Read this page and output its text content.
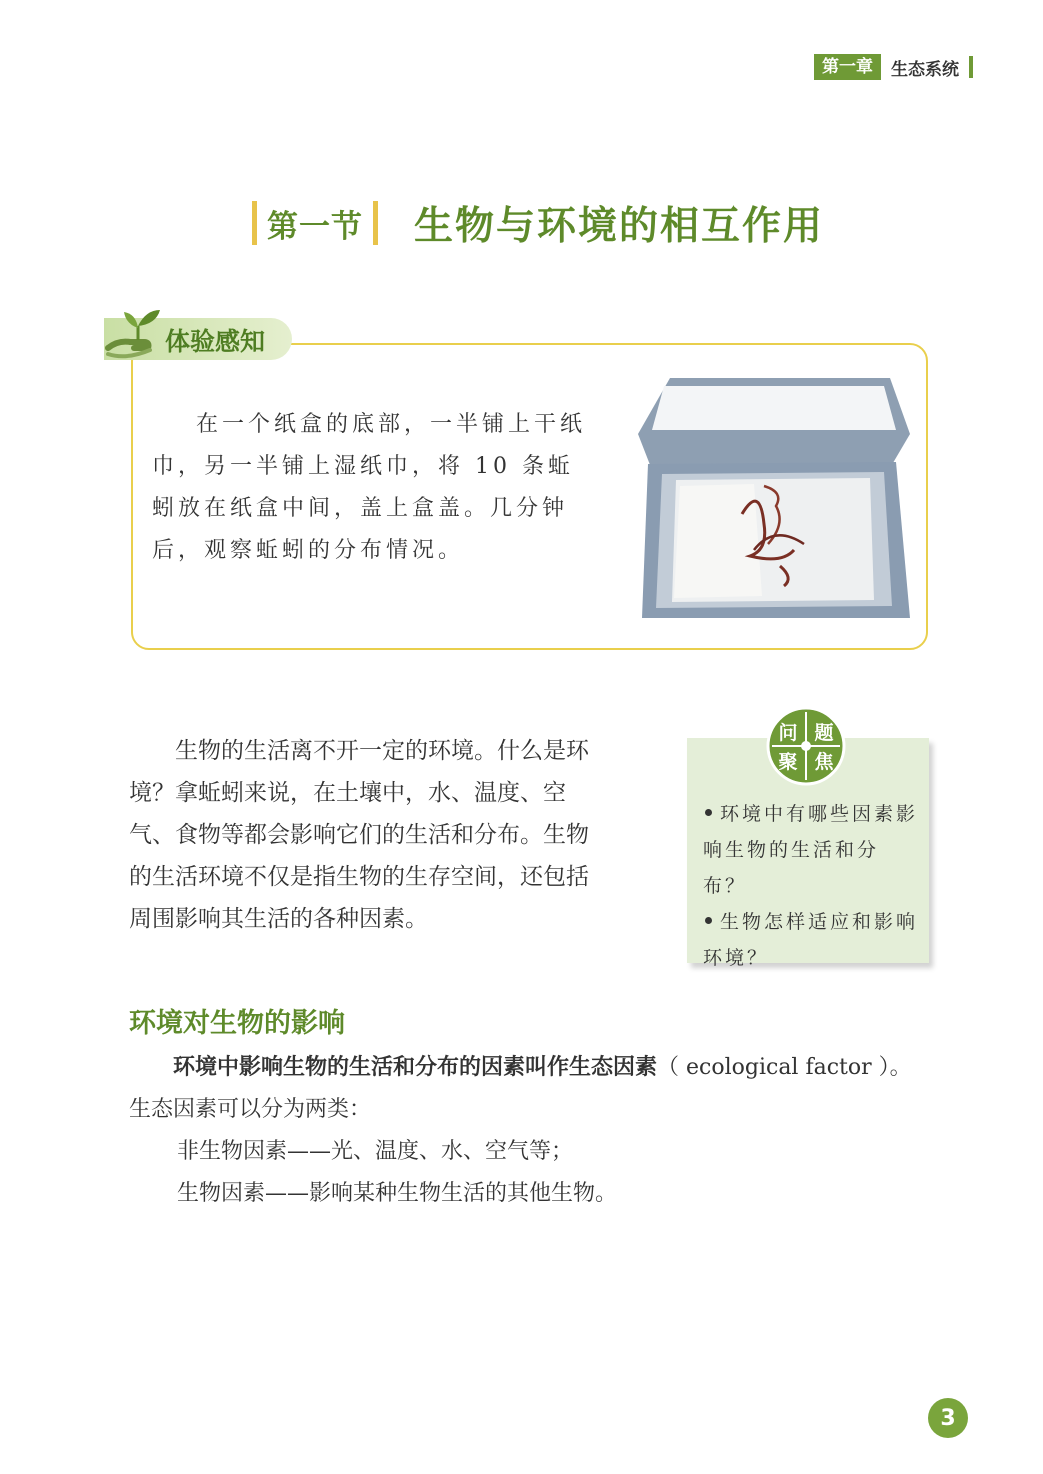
第一章	生态系统
第一节 生物与环境的相互作用
体验感知

在一个纸盒的底部，一半铺上干纸巾，另一半铺上湿纸巾，将 10 条蚯蚓放在纸盒中间，盖上盒盖。几分钟后，观察蚯蚓的分布情况。

生物的生活离不开一定的环境。什么是环境？拿蚯蚓来说，在土壤中，水、温度、空气、食物等都会影响它们的生活和分布。生物的生活环境不仅是指生物的生存空间，还包括周围影响其生活的各种因素。

问 题
聚 焦
环境中有哪些因素影响生物的生活和分布？
生物怎样适应和影响环境？
环境对生物的影响
环境中影响生物的生活和分布的因素叫作生态因素（ ecological factor ）。
生态因素可以分为两类：
非生物因素——光、温度、水、空气等；
生物因素——影响某种生物生活的其他生物。
3
